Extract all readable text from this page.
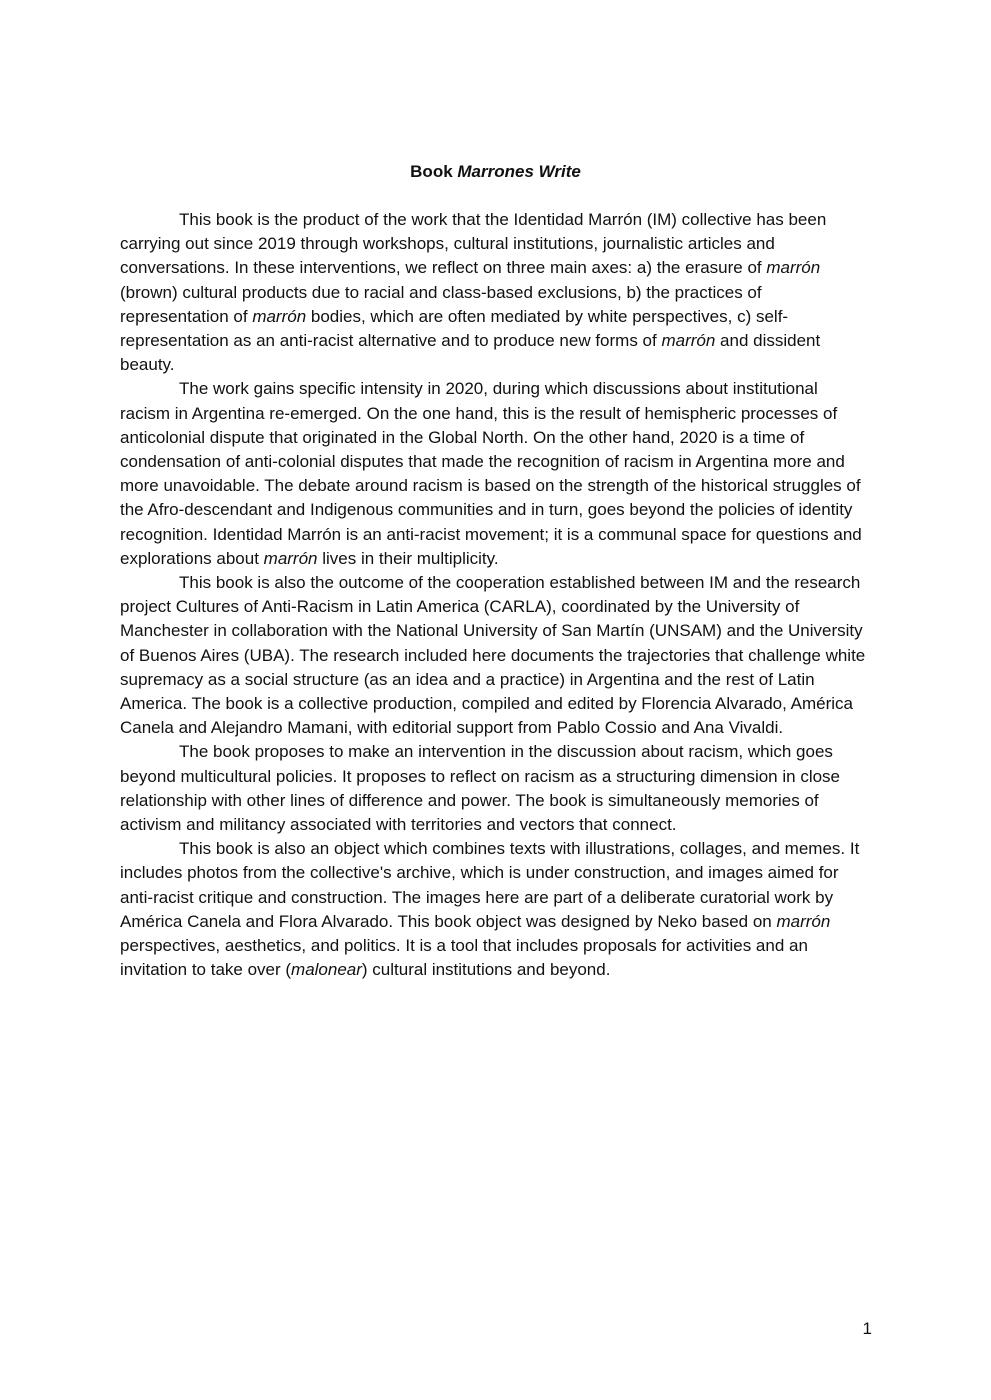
Book Marrones Write

This book is the product of the work that the Identidad Marrón (IM) collective has been carrying out since 2019 through workshops, cultural institutions, journalistic articles and conversations. In these interventions, we reflect on three main axes: a) the erasure of marrón (brown) cultural products due to racial and class-based exclusions, b) the practices of representation of marrón bodies, which are often mediated by white perspectives, c) self-representation as an anti-racist alternative and to produce new forms of marrón and dissident beauty.

The work gains specific intensity in 2020, during which discussions about institutional racism in Argentina re-emerged. On the one hand, this is the result of hemispheric processes of anticolonial dispute that originated in the Global North. On the other hand, 2020 is a time of condensation of anti-colonial disputes that made the recognition of racism in Argentina more and more unavoidable. The debate around racism is based on the strength of the historical struggles of the Afro-descendant and Indigenous communities and in turn, goes beyond the policies of identity recognition. Identidad Marrón is an anti-racist movement; it is a communal space for questions and explorations about marrón lives in their multiplicity.

This book is also the outcome of the cooperation established between IM and the research project Cultures of Anti-Racism in Latin America (CARLA), coordinated by the University of Manchester in collaboration with the National University of San Martín (UNSAM) and the University of Buenos Aires (UBA). The research included here documents the trajectories that challenge white supremacy as a social structure (as an idea and a practice) in Argentina and the rest of Latin America. The book is a collective production, compiled and edited by Florencia Alvarado, América Canela and Alejandro Mamani, with editorial support from Pablo Cossio and Ana Vivaldi.

The book proposes to make an intervention in the discussion about racism, which goes beyond multicultural policies. It proposes to reflect on racism as a structuring dimension in close relationship with other lines of difference and power. The book is simultaneously memories of activism and militancy associated with territories and vectors that connect.

This book is also an object which combines texts with illustrations, collages, and memes. It includes photos from the collective's archive, which is under construction, and images aimed for anti-racist critique and construction. The images here are part of a deliberate curatorial work by América Canela and Flora Alvarado. This book object was designed by Neko based on marrón perspectives, aesthetics, and politics. It is a tool that includes proposals for activities and an invitation to take over (malonear) cultural institutions and beyond.

1
